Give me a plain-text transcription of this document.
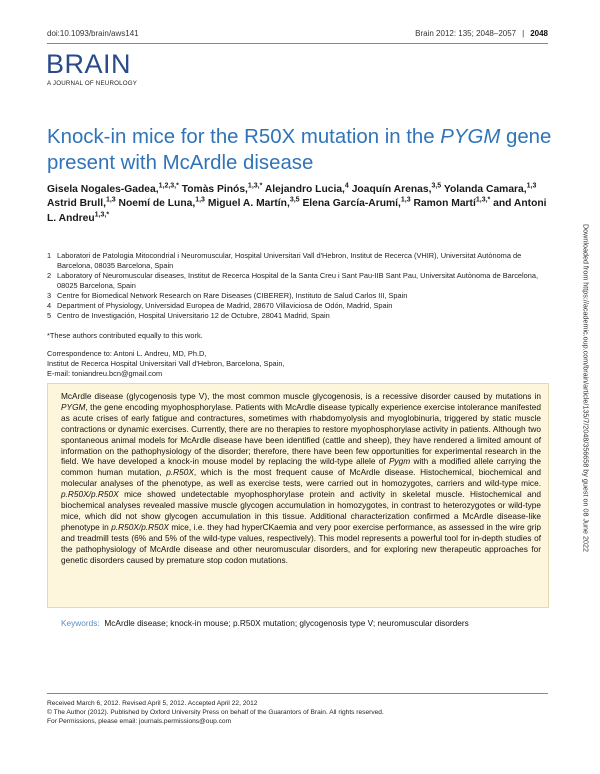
doi:10.1093/brain/aws141	Brain 2012: 135; 2048–2057 | 2048
BRAIN
A JOURNAL OF NEUROLOGY
Knock-in mice for the R50X mutation in the PYGM gene present with McArdle disease
Gisela Nogales-Gadea,$^{1,2,3,*}$ Tomàs Pinós,$^{1,3,*}$ Alejandro Lucia,$^4$ Joaquín Arenas,$^{3,5}$ Yolanda Camara,$^{1,3}$ Astrid Brull,$^{1,3}$ Noemí de Luna,$^{1,3}$ Miguel A. Martín,$^{3,5}$ Elena García-Arumí,$^{1,3}$ Ramon Martí$^{1,3,*}$ and Antoni L. Andreu$^{1,3,*}$
1 Laboratori de Patologia Mitocondrial i Neuromuscular, Hospital Universitari Vall d'Hebron, Institut de Recerca (VHIR), Universitat Autònoma de Barcelona, 08035 Barcelona, Spain
2 Laboratory of Neuromuscular diseases, Institut de Recerca Hospital de la Santa Creu i Sant Pau-IIB Sant Pau, Universitat Autònoma de Barcelona, 08025 Barcelona, Spain
3 Centre for Biomedical Network Research on Rare Diseases (CIBERER), Instituto de Salud Carlos III, Spain
4 Department of Physiology, Universidad Europea de Madrid, 28670 Villaviciosa de Odón, Madrid, Spain
5 Centro de Investigación, Hospital Universitario 12 de Octubre, 28041 Madrid, Spain
*These authors contributed equally to this work.
Correspondence to: Antoni L. Andreu, MD, Ph.D,
Institut de Recerca Hospital Universitari Vall d'Hebron, Barcelona, Spain,
E-mail: toniandreu.bcn@gmail.com
McArdle disease (glycogenosis type V), the most common muscle glycogenosis, is a recessive disorder caused by mutations in PYGM, the gene encoding myophosphorylase. Patients with McArdle disease typically experience exercise intolerance manifested as acute crises of early fatigue and contractures, sometimes with rhabdomyolysis and myoglobinuria, triggered by static muscle contractions or dynamic exercises. Currently, there are no therapies to restore myophosphorylase activity in patients. Although two spontaneous animal models for McArdle disease have been identified (cattle and sheep), they have rendered a limited amount of information on the pathophysiology of the disorder; therefore, there have been few opportunities for experimental research in the field. We have developed a knock-in mouse model by replacing the wild-type allele of Pygm with a modified allele carrying the common human mutation, p.R50X, which is the most frequent cause of McArdle disease. Histochemical, biochemical and molecular analyses of the phenotype, as well as exercise tests, were carried out in homozygotes, carriers and wild-type mice. p.R50X/p.R50X mice showed undetectable myophosphorylase protein and activity in skeletal muscle. Histochemical and biochemical analyses revealed massive muscle glycogen accumulation in homozygotes, in contrast to heterozygotes or wild-type mice, which did not show glycogen accumulation in this tissue. Additional characterization confirmed a McArdle disease-like phenotype in p.R50X/p.R50X mice, i.e. they had hyperCKaemia and very poor exercise performance, as assessed in the wire grip and treadmill tests (6% and 5% of the wild-type values, respectively). This model represents a powerful tool for in-depth studies of the pathophysiology of McArdle disease and other neuromuscular disorders, and for exploring new therapeutic approaches for genetic disorders caused by premature stop codon mutations.
Keywords: McArdle disease; knock-in mouse; p.R50X mutation; glycogenosis type V; neuromuscular disorders
Received March 6, 2012. Revised April 5, 2012. Accepted April 22, 2012
© The Author (2012). Published by Oxford University Press on behalf of the Guarantors of Brain. All rights reserved.
For Permissions, please email: journals.permissions@oup.com
Downloaded from https://academic.oup.com/brain/article/135/7/2048/356658 by guest on 08 June 2022
